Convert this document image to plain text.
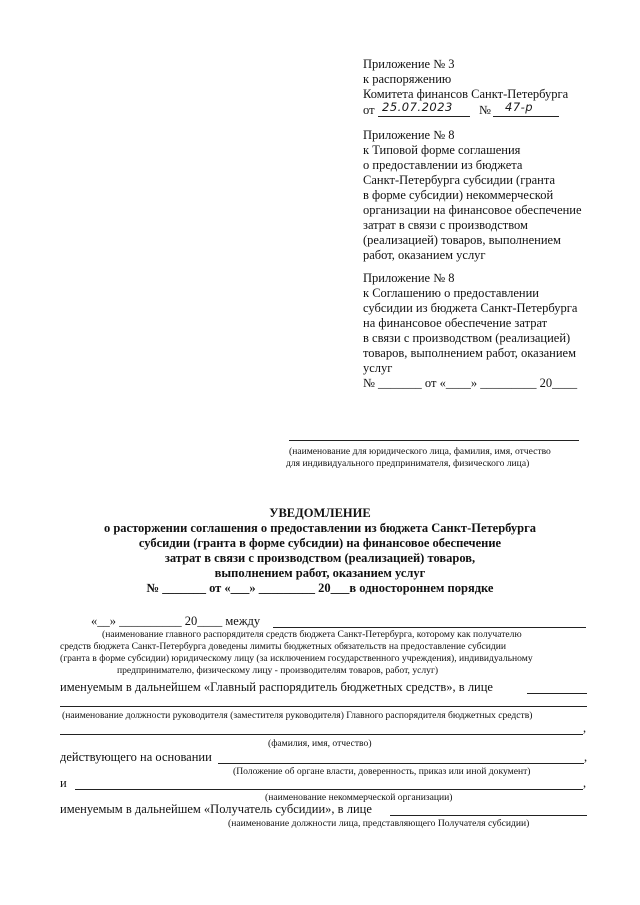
Приложение № 3
к распоряжению
Комитета финансов Санкт-Петербурга
от 25.07.2023 № 47-р
Приложение № 8
к Типовой форме соглашения
о предоставлении из бюджета
Санкт-Петербурга субсидии (гранта
в форме субсидии) некоммерческой
организации на финансовое обеспечение
затрат в связи с производством
(реализацией) товаров, выполнением
работ, оказанием услуг
Приложение № 8
к Соглашению о предоставлении
субсидии из бюджета Санкт-Петербурга
на финансовое обеспечение затрат
в связи с производством (реализацией)
товаров, выполнением работ, оказанием
услуг
№ _______ от «____» _________ 20____
(наименование для юридического лица, фамилия, имя, отчество
для индивидуального предпринимателя, физического лица)
УВЕДОМЛЕНИЕ
о расторжении соглашения о предоставлении из бюджета Санкт-Петербурга
субсидии (гранта в форме субсидии) на финансовое обеспечение
затрат в связи с производством (реализацией) товаров,
выполнением работ, оказанием услуг
№ _______ от «___» _________ 20___в одностороннем порядке
«__» __________ 20____ между
(наименование главного распорядителя средств бюджета Санкт-Петербурга, которому как получателю
средств бюджета Санкт-Петербурга доведены лимиты бюджетных обязательств на предоставление субсидии
(гранта в форме субсидии) юридическому лицу (за исключением государственного учреждения), индивидуальному
предпринимателю, физическому лицу - производителям товаров, работ, услуг)
именуемым в дальнейшем «Главный распорядитель бюджетных средств», в лице
(наименование должности руководителя (заместителя руководителя) Главного распорядителя бюджетных средств)
,
(фамилия, имя, отчество)
действующего на основании	,
(Положение об органе власти, доверенность, приказ или иной документ)
и	,
(наименование некоммерческой организации)
именуемым в дальнейшем «Получатель субсидии», в лице
(наименование должности лица, представляющего Получателя субсидии)
